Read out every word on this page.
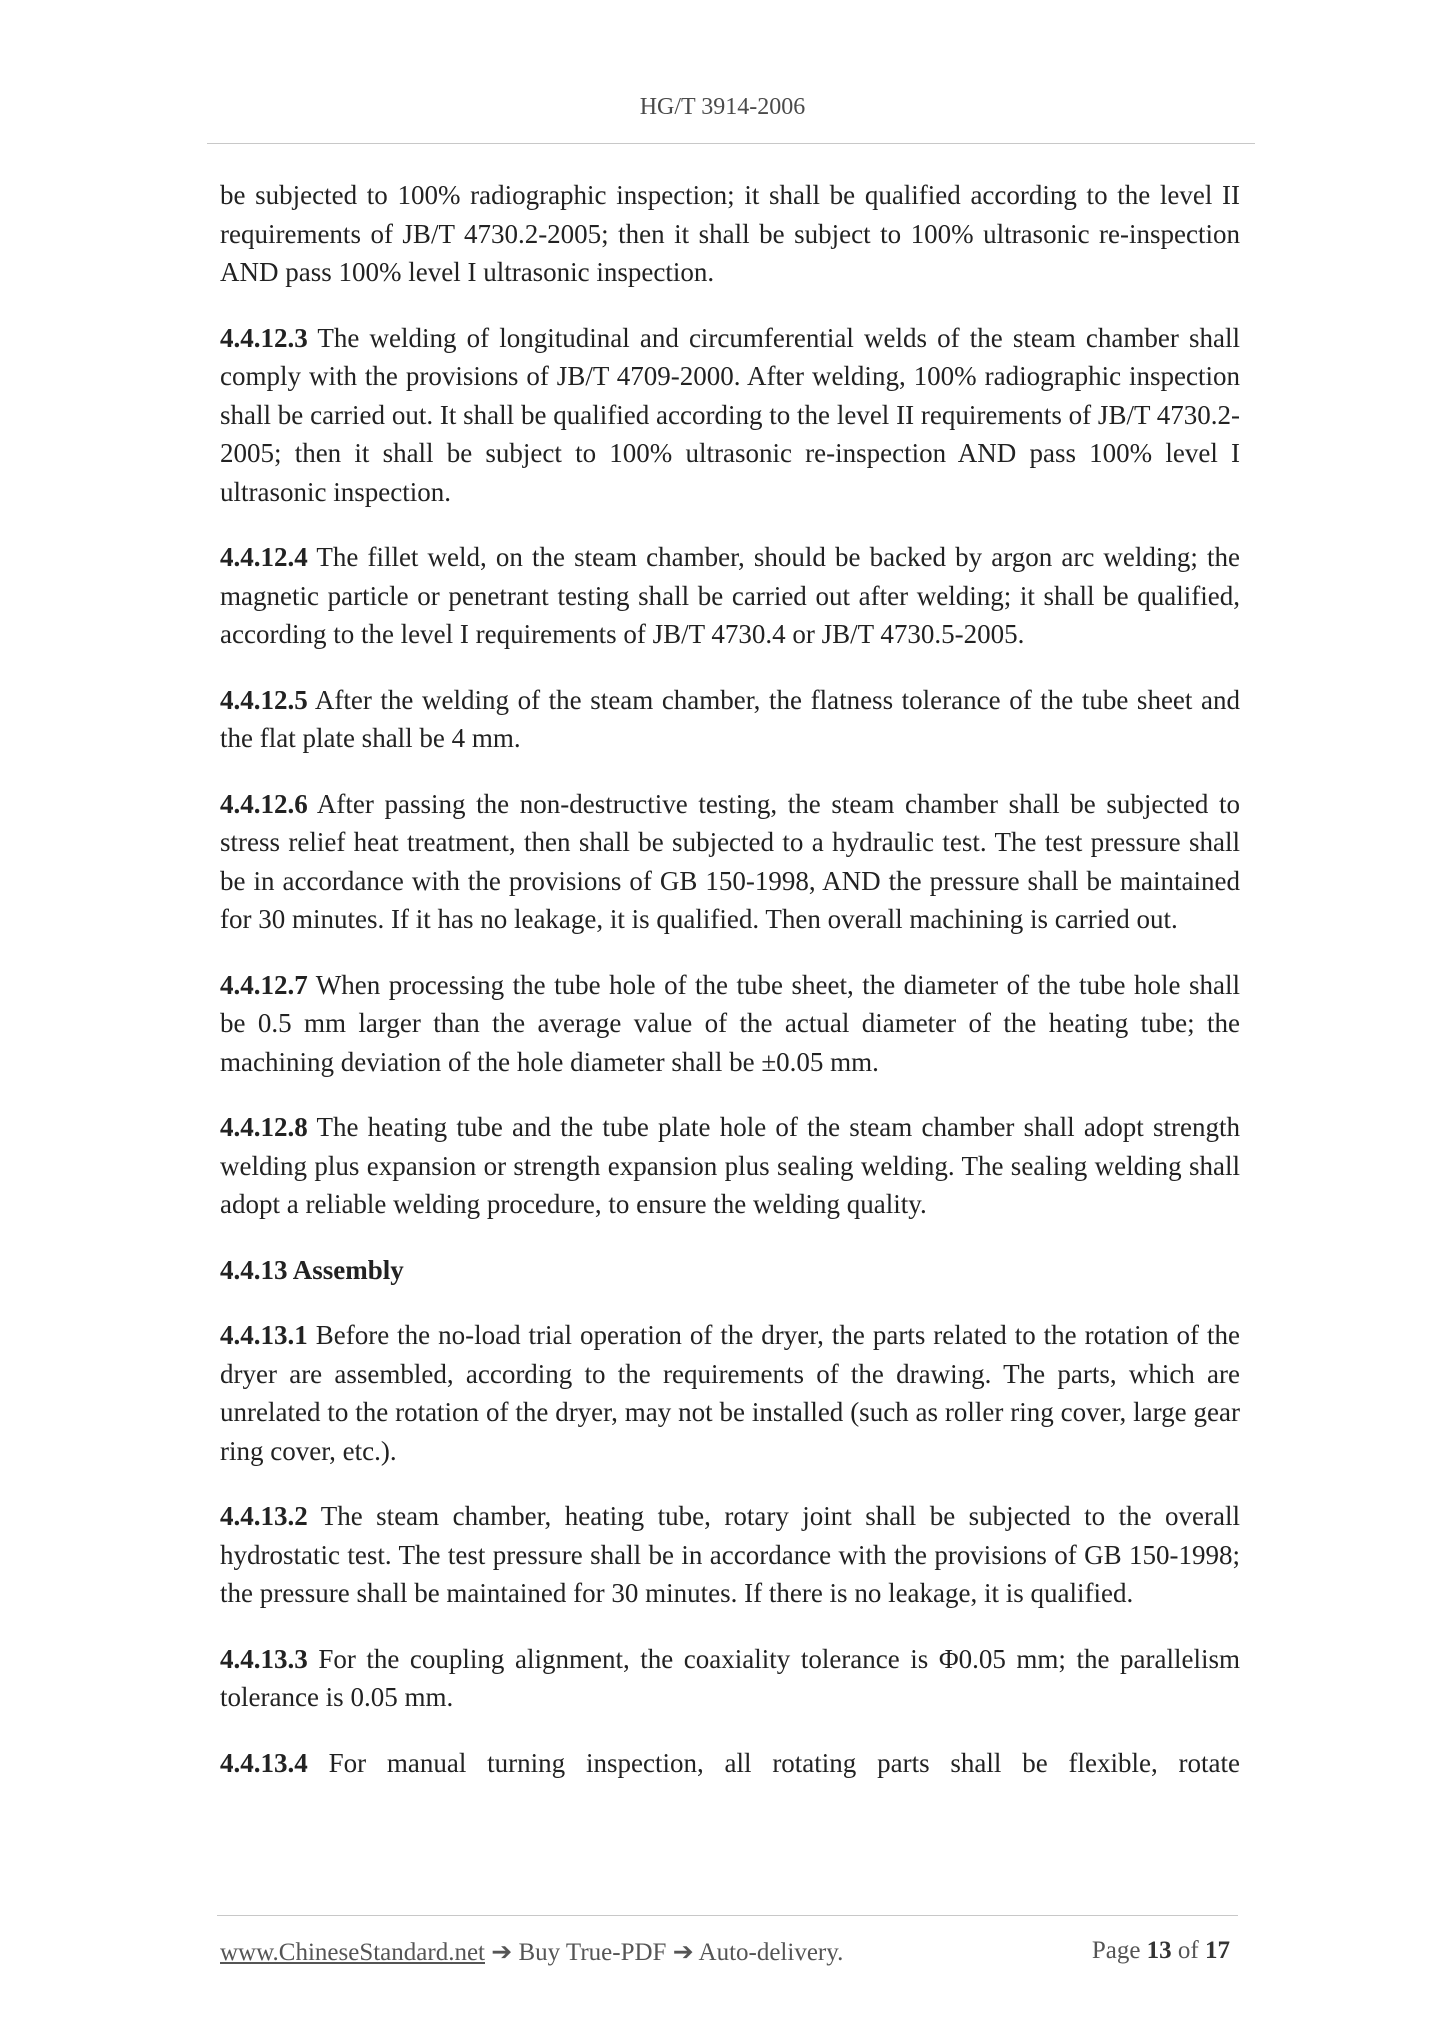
HG/T 3914-2006

be subjected to 100% radiographic inspection; it shall be qualified according to the level II requirements of JB/T 4730.2-2005; then it shall be subject to 100% ultrasonic re-inspection AND pass 100% level I ultrasonic inspection.

4.4.12.3 The welding of longitudinal and circumferential welds of the steam chamber shall comply with the provisions of JB/T 4709-2000. After welding, 100% radiographic inspection shall be carried out. It shall be qualified according to the level II requirements of JB/T 4730.2-2005; then it shall be subject to 100% ultrasonic re-inspection AND pass 100% level I ultrasonic inspection.

4.4.12.4 The fillet weld, on the steam chamber, should be backed by argon arc welding; the magnetic particle or penetrant testing shall be carried out after welding; it shall be qualified, according to the level I requirements of JB/T 4730.4 or JB/T 4730.5-2005.

4.4.12.5 After the welding of the steam chamber, the flatness tolerance of the tube sheet and the flat plate shall be 4 mm.

4.4.12.6 After passing the non-destructive testing, the steam chamber shall be subjected to stress relief heat treatment, then shall be subjected to a hydraulic test. The test pressure shall be in accordance with the provisions of GB 150-1998, AND the pressure shall be maintained for 30 minutes. If it has no leakage, it is qualified. Then overall machining is carried out.

4.4.12.7 When processing the tube hole of the tube sheet, the diameter of the tube hole shall be 0.5 mm larger than the average value of the actual diameter of the heating tube; the machining deviation of the hole diameter shall be ±0.05 mm.

4.4.12.8 The heating tube and the tube plate hole of the steam chamber shall adopt strength welding plus expansion or strength expansion plus sealing welding. The sealing welding shall adopt a reliable welding procedure, to ensure the welding quality.

4.4.13 Assembly

4.4.13.1 Before the no-load trial operation of the dryer, the parts related to the rotation of the dryer are assembled, according to the requirements of the drawing. The parts, which are unrelated to the rotation of the dryer, may not be installed (such as roller ring cover, large gear ring cover, etc.).

4.4.13.2 The steam chamber, heating tube, rotary joint shall be subjected to the overall hydrostatic test. The test pressure shall be in accordance with the provisions of GB 150-1998; the pressure shall be maintained for 30 minutes. If there is no leakage, it is qualified.

4.4.13.3 For the coupling alignment, the coaxiality tolerance is Φ0.05 mm; the parallelism tolerance is 0.05 mm.

4.4.13.4 For manual turning inspection, all rotating parts shall be flexible, rotate

www.ChineseStandard.net ➔ Buy True-PDF ➔ Auto-delivery.	Page 13 of 17
